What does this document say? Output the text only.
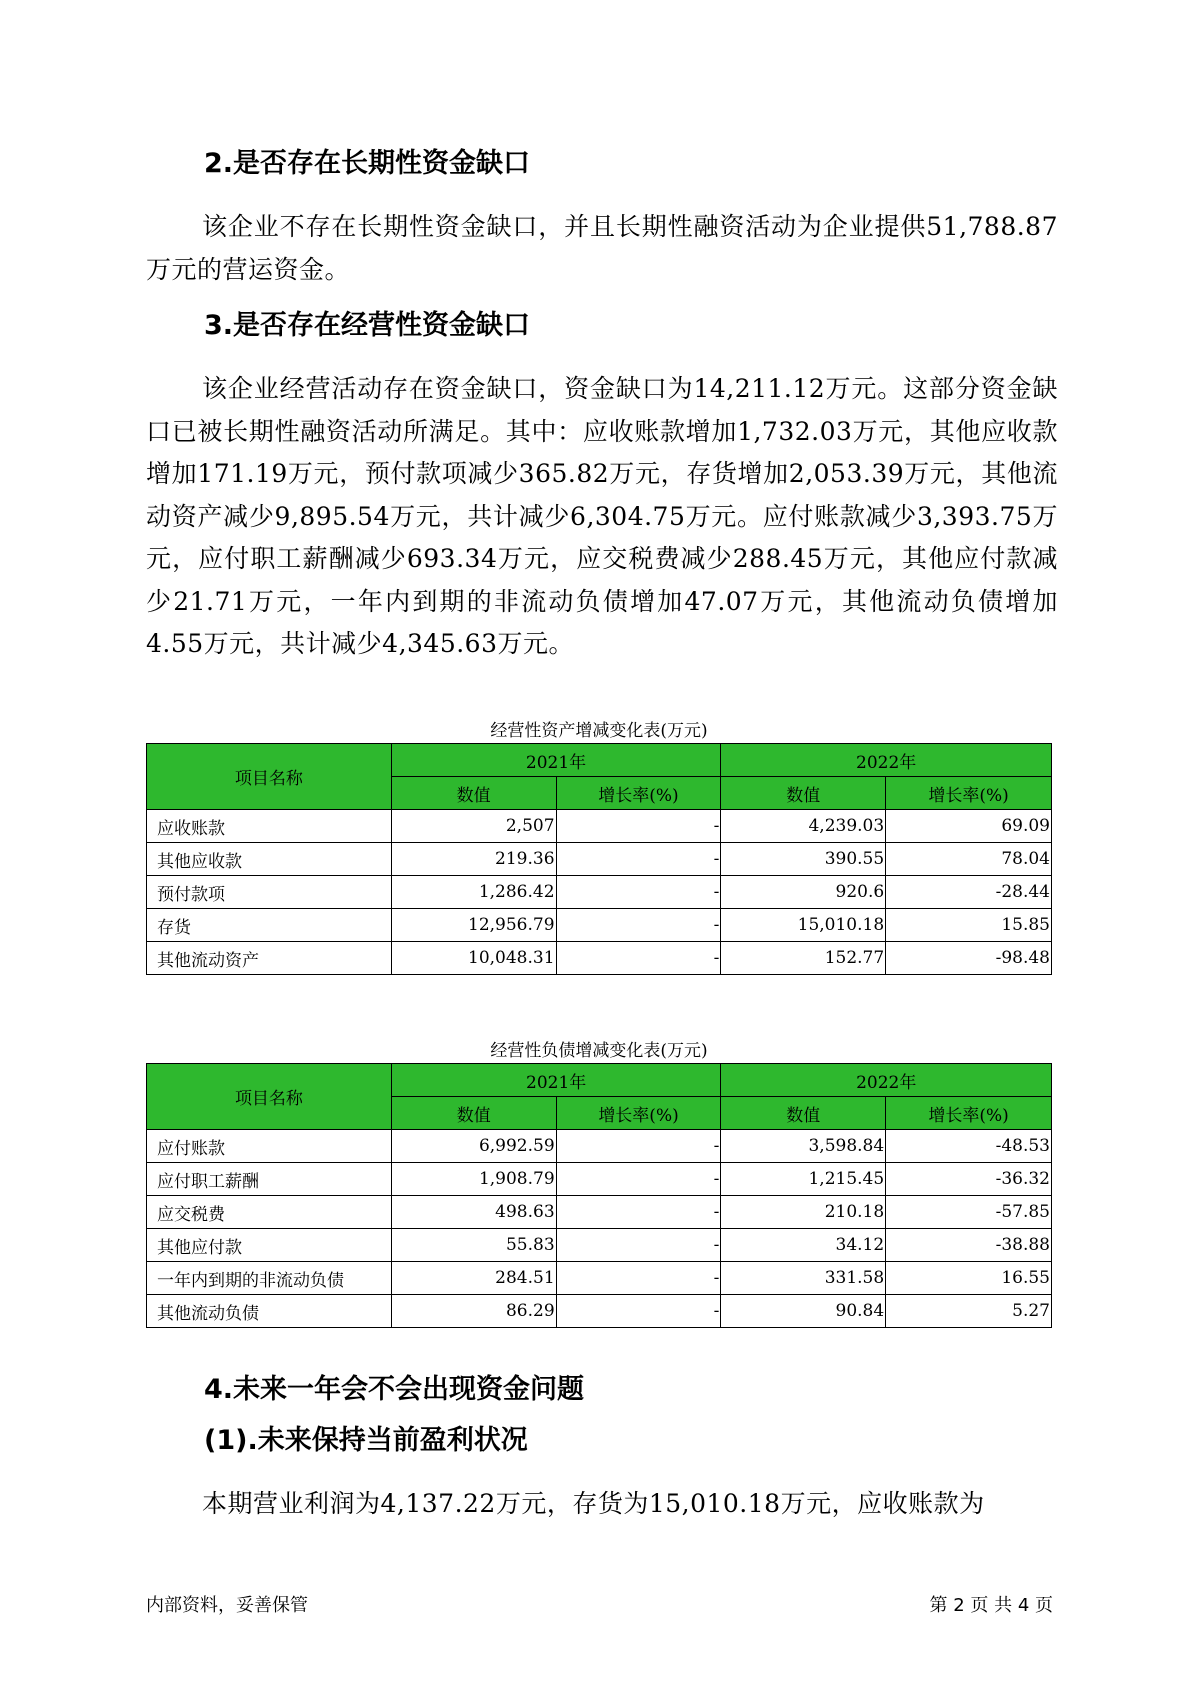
2.是否存在长期性资金缺口

该企业不存在长期性资金缺口，并且长期性融资活动为企业提供51,788.87万元的营运资金。

3.是否存在经营性资金缺口

该企业经营活动存在资金缺口，资金缺口为14,211.12万元。这部分资金缺口已被长期性融资活动所满足。其中：应收账款增加1,732.03万元，其他应收款增加171.19万元，预付款项减少365.82万元，存货增加2,053.39万元，其他流动资产减少9,895.54万元，共计减少6,304.75万元。应付账款减少3,393.75万元，应付职工薪酬减少693.34万元，应交税费减少288.45万元，其他应付款减少21.71万元，一年内到期的非流动负债增加47.07万元，其他流动负债增加4.55万元，共计减少4,345.63万元。

经营性资产增减变化表(万元)

项目名称	2021年		2022年	
	数值	增长率(%)	数值	增长率(%)
应收账款	2,507	-	4,239.03	69.09
其他应收款	219.36	-	390.55	78.04
预付款项	1,286.42	-	920.6	-28.44
存货	12,956.79	-	15,010.18	15.85
其他流动资产	10,048.31	-	152.77	-98.48

经营性负债增减变化表(万元)

项目名称	2021年		2022年	
	数值	增长率(%)	数值	增长率(%)
应付账款	6,992.59	-	3,598.84	-48.53
应付职工薪酬	1,908.79	-	1,215.45	-36.32
应交税费	498.63	-	210.18	-57.85
其他应付款	55.83	-	34.12	-38.88
一年内到期的非流动负债	284.51	-	331.58	16.55
其他流动负债	86.29	-	90.84	5.27
4.未来一年会不会出现资金问题
(1).未来保持当前盈利状况

本期营业利润为4,137.22万元，存货为15,010.18万元，应收账款为

内部资料，妥善保管	第 2 页 共 4 页
